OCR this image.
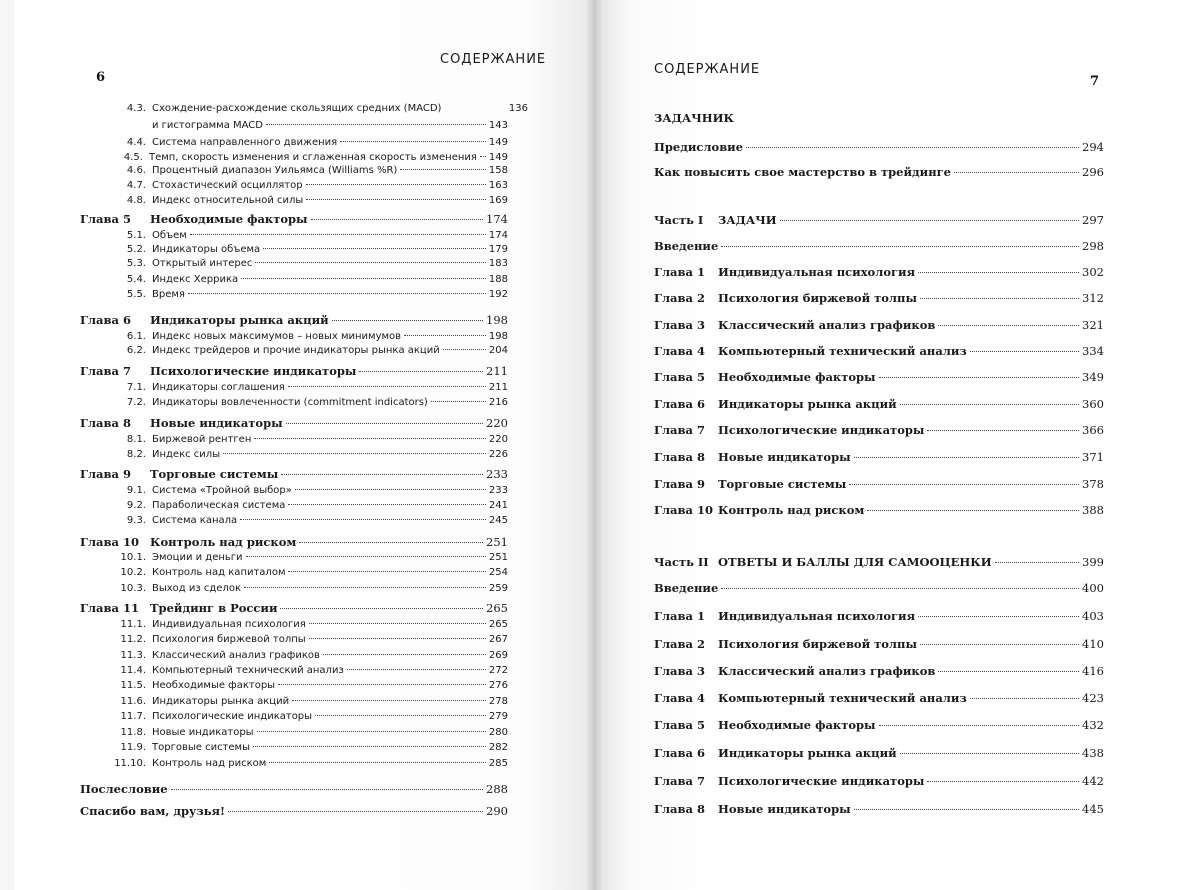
СОДЕРЖАНИЕ
6
4.3. Схождение-расхождение скользящих средних (MACD)	136
и гистограмма MACD	143
4.4. Система направленного движения	149
4.5. Темп, скорость изменения и сглаженная скорость изменения 149
4.6. Процентный диапазон Уильямса (Williams %R)	158
4.7. Стохастический осциллятор	163
4.8. Индекс относительной силы	169
Глава 5	Необходимые факторы	174
5.1. Объем	174
5.2. Индикаторы объема	179
5.3. Открытый интерес	183
5.4. Индекс Херрика	188
5.5. Время	192
Глава 6	Индикаторы рынка акций	198
6.1. Индекс новых максимумов – новых минимумов	198
6.2. Индекс трейдеров и прочие индикаторы рынка акций	204
Глава 7	Психологические индикаторы	211
7.1. Индикаторы соглашения	211
7.2. Индикаторы вовлеченности (commitment indicators)	216
Глава 8	Новые индикаторы	220
8.1. Биржевой рентген	220
8.2. Индекс силы	226
Глава 9	Торговые системы	233
9.1. Система «Тройной выбор»	233
9.2. Параболическая система	241
9.3. Система канала	245
Глава 10 Контроль над риском	251
10.1. Эмоции и деньги	251
10.2. Контроль над капиталом	254
10.3. Выход из сделок	259
Глава 11 Трейдинг в России	265
11.1. Индивидуальная психология	265
11.2. Психология биржевой толпы	267
11.3. Классический анализ графиков	269
11.4. Компьютерный технический анализ	272
11.5. Необходимые факторы	276
11.6. Индикаторы рынка акций	278
11.7. Психологические индикаторы	279
11.8. Новые индикаторы	280
11.9. Торговые системы	282
11.10. Контроль над риском	285
Послесловие	288
Спасибо вам, друзья!	290
СОДЕРЖАНИЕ
7
ЗАДАЧНИК
Предисловие	294
Как повысить свое мастерство в трейдинге	296
Часть I	ЗАДАЧИ	297
Введение	298
Глава 1	Индивидуальная психология	302
Глава 2	Психология биржевой толпы	312
Глава 3	Классический анализ графиков	321
Глава 4	Компьютерный технический анализ	334
Глава 5	Необходимые факторы	349
Глава 6	Индикаторы рынка акций	360
Глава 7	Психологические индикаторы	366
Глава 8	Новые индикаторы	371
Глава 9	Торговые системы	378
Глава 10 Контроль над риском	388
Часть II ОТВЕТЫ И БАЛЛЫ ДЛЯ САМООЦЕНКИ	399
Введение	400
Глава 1	Индивидуальная психология	403
Глава 2	Психология биржевой толпы	410
Глава 3	Классический анализ графиков	416
Глава 4	Компьютерный технический анализ	423
Глава 5	Необходимые факторы	432
Глава 6	Индикаторы рынка акций	438
Глава 7	Психологические индикаторы	442
Глава 8	Новые индикаторы	445
